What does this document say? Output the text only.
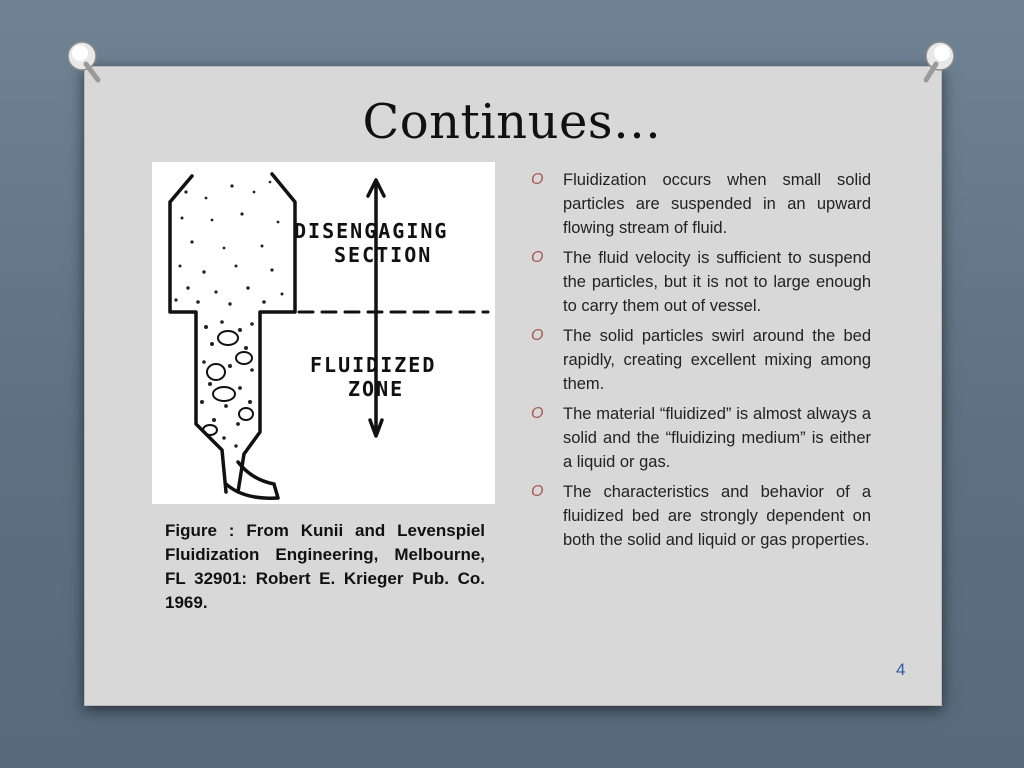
Continues…
DISENGAGING
SECTION
FLUIDIZED
ZONE

Figure : From Kunii and Levenspiel Fluidization Engineering, Melbourne, FL 32901: Robert E. Krieger Pub. Co. 1969.

O Fluidization occurs when small solid particles are suspended in an upward flowing stream of fluid.
O The fluid velocity is sufficient to suspend the particles, but it is not to large enough to carry them out of vessel.
O The solid particles swirl around the bed rapidly, creating excellent mixing among them.
O The material “fluidized” is almost always a solid and the “fluidizing medium” is either a liquid or gas.
O The characteristics and behavior of a fluidized bed are strongly dependent on both the solid and liquid or gas properties.
4
